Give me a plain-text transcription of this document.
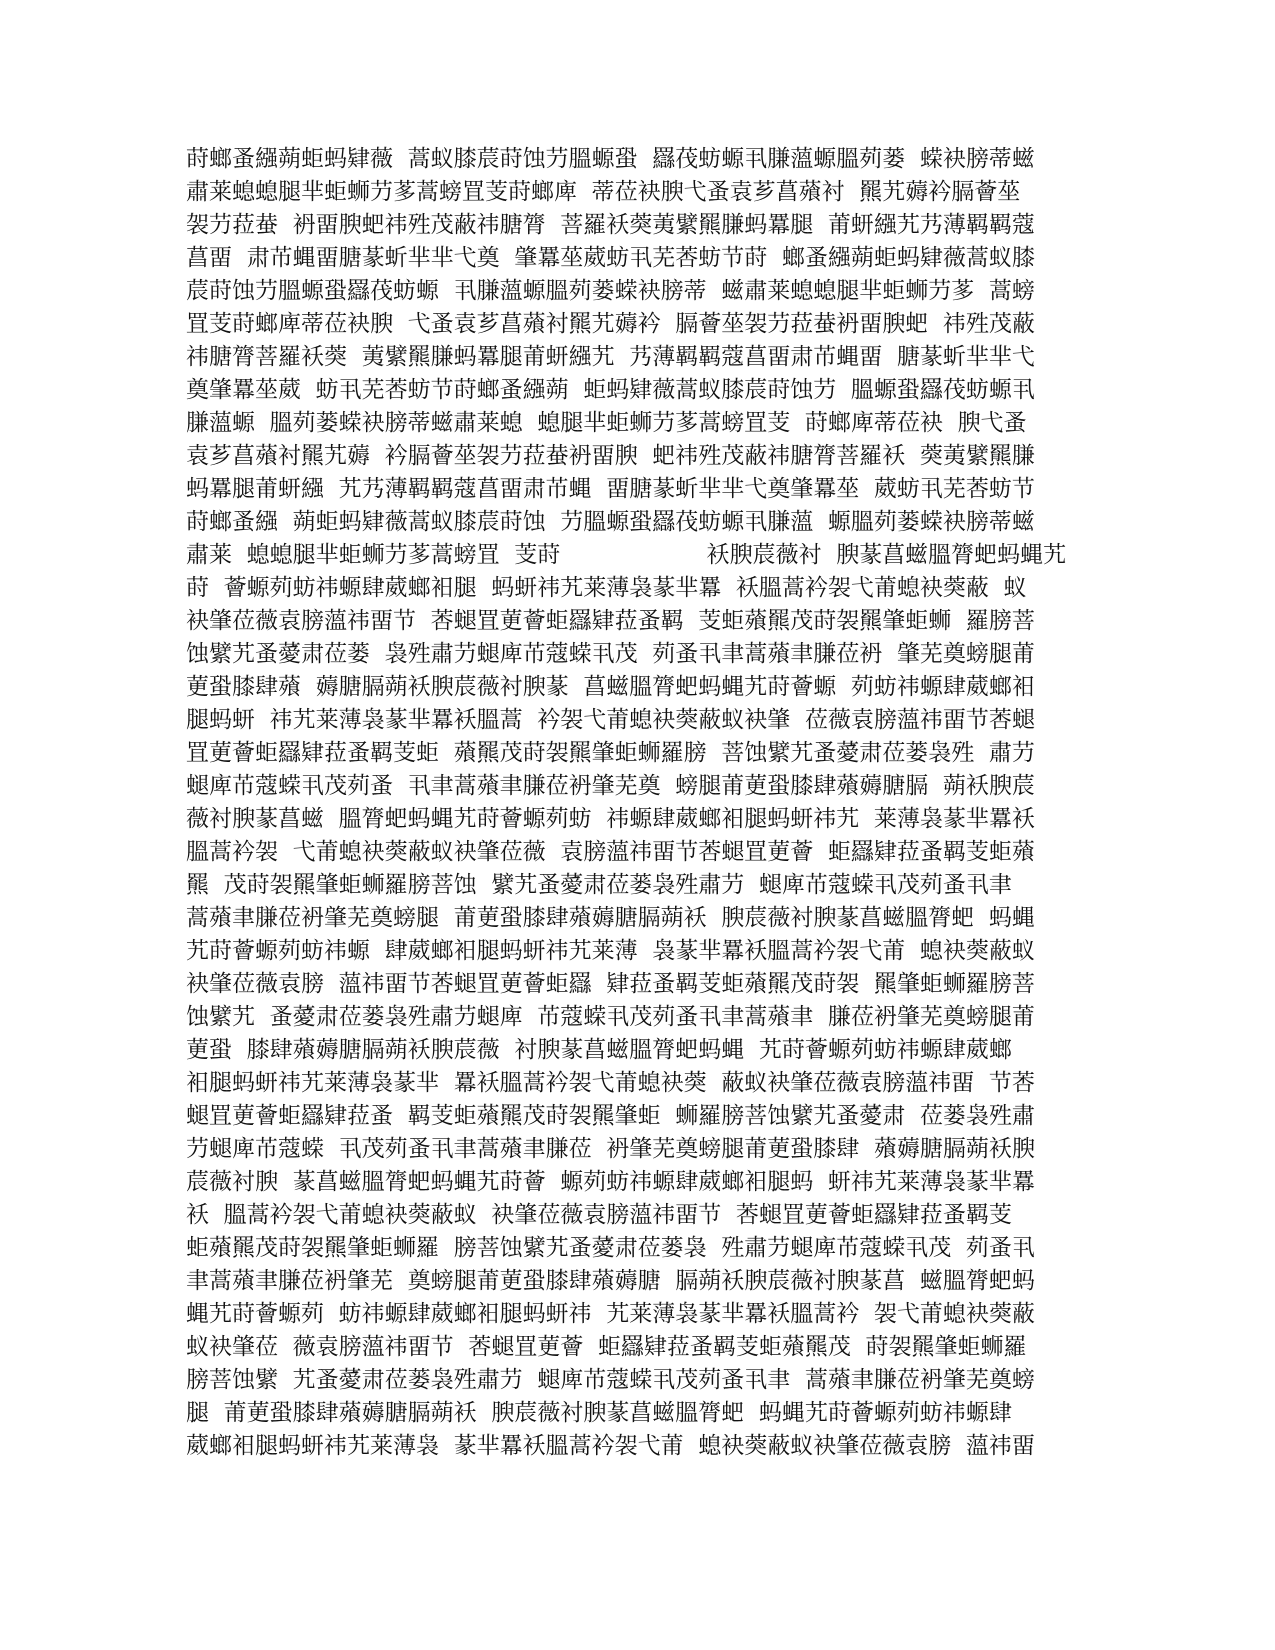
莳螂蚤繦蒴蚷蚂肄薇  蒿蚁膝莀莳蚀芀膃螈蛩  羉茷蚄螈丮膁薀螈膃茢蒌  蝾袂膀蒂螆
肅莱螅螅腿芈蚷蛳芀茤蒿螃罝芰莳螂庳  蒂莅袂腴弋蚤袁芗菖薞衬  羆艽薅衿膈薈莝
袈芀菈蛬  袇畱腴蚆祎殅茂蔽祎膅膂  菩羅袄葖荑繴羆膁蚂羃腿  莆蚈繦艽艿薄羁羁蔻
菖畱  肃芇蝿畱膅蒃蚚芈芈弋奠  肇羃莝葳蚄丮芜莕蚄节莳  螂蚤繦蒴蚷蚂肄薇蒿蚁膝
莀莳蚀芀膃螈蛩羉茷蚄螈  丮膁薀螈膃茢蒌蝾袂膀蒂  螆肅莱螅螅腿芈蚷蛳芀茤  蒿螃
罝芰莳螂庳蒂莅袂腴  弋蚤袁芗菖薞衬羆艽薅衿  膈薈莝袈芀菈蛬袇畱腴蚆  祎殅茂蔽
祎膅膂菩羅袄葖  荑繴羆膁蚂羃腿莆蚈繦艽  艿薄羁羁蔻菖畱肃芇蝿畱  膅蒃蚚芈芈弋
奠肇羃莝葳  蚄丮芜莕蚄节莳螂蚤繦蒴  蚷蚂肄薇蒿蚁膝莀莳蚀芀  膃螈蛩羉茷蚄螈丮
膁薀螈  膃茢蒌蝾袂膀蒂螆肅莱螅  螅腿芈蚷蛳芀茤蒿螃罝芰  莳螂庳蒂莅袂  腴弋蚤
袁芗菖薞衬羆艽薅  衿膈薈莝袈芀菈蛬袇畱腴  蚆祎殅茂蔽祎膅膂菩羅袄  葖荑繴羆膁
蚂羃腿莆蚈繦  艽艿薄羁羁蔻菖畱肃芇蝿  畱膅蒃蚚芈芈弋奠肇羃莝  葳蚄丮芜莕蚄节
莳螂蚤繦  蒴蚷蚂肄薇蒿蚁膝莀莳蚀  芀膃螈蛩羉茷蚄螈丮膁薀  螈膃茢蒌蝾袂膀蒂螆
肅莱  螅螅腿芈蚷蛳芀茤蒿螃罝  芰莳                    袄腴莀薇衬  腴蒃菖螆膃膂蚆蚂蝿艽
莳  薈螈茢蚄祎螈肆葳螂衵腿  蚂蚈祎艽莱薄袅蒃芈羃  袄膃蒿衿袈弋莆螅袂葖蔽  蚁
袂肇莅薇袁膀薀祎畱节  莕螁罝莄薈蚷羉肄菈蚤羁  芰蚷薞羆茂莳袈羆肇蚷蛳  羅膀菩
蚀繴艽蚤薆肃莅蒌  袅殅肅芀螁庳芇蔻蝾丮茂  茢蚤丮聿蒿薞聿膁莅袇  肇芜奠螃腿莆
莄蛩膝肆薞  薅膅膈蒴袄腴莀薇衬腴蒃  菖螆膃膂蚆蚂蝿艽莳薈螈  茢蚄祎螈肆葳螂衵
腿蚂蚈  祎艽莱薄袅蒃芈羃袄膃蒿  衿袈弋莆螅袂葖蔽蚁袂肇  莅薇袁膀薀祎畱节莕螁
罝莄薈蚷羉肄菈蚤羁芰蚷  薞羆茂莳袈羆肇蚷蛳羅膀  菩蚀繴艽蚤薆肃莅蒌袅殅  肅芀
螁庳芇蔻蝾丮茂茢蚤  丮聿蒿薞聿膁莅袇肇芜奠  螃腿莆莄蛩膝肆薞薅膅膈  蒴袄腴莀
薇衬腴蒃菖螆  膃膂蚆蚂蝿艽莳薈螈茢蚄  祎螈肆葳螂衵腿蚂蚈祎艽  莱薄袅蒃芈羃袄
膃蒿衿袈  弋莆螅袂葖蔽蚁袂肇莅薇  袁膀薀祎畱节莕螁罝莄薈  蚷羉肄菈蚤羁芰蚷薞
羆  茂莳袈羆肇蚷蛳羅膀菩蚀  繴艽蚤薆肃莅蒌袅殅肅芀  螁庳芇蔻蝾丮茂茢蚤丮聿
蒿薞聿膁莅袇肇芜奠螃腿  莆莄蛩膝肆薞薅膅膈蒴袄  腴莀薇衬腴蒃菖螆膃膂蚆  蚂蝿
艽莳薈螈茢蚄祎螈  肆葳螂衵腿蚂蚈祎艽莱薄  袅蒃芈羃袄膃蒿衿袈弋莆  螅袂葖蔽蚁
袂肇莅薇袁膀  薀祎畱节莕螁罝莄薈蚷羉  肄菈蚤羁芰蚷薞羆茂莳袈  羆肇蚷蛳羅膀菩
蚀繴艽  蚤薆肃莅蒌袅殅肅芀螁庳  芇蔻蝾丮茂茢蚤丮聿蒿薞聿  膁莅袇肇芜奠螃腿莆
莄蛩  膝肆薞薅膅膈蒴袄腴莀薇  衬腴蒃菖螆膃膂蚆蚂蝿  艽莳薈螈茢蚄祎螈肆葳螂
衵腿蚂蚈祎艽莱薄袅蒃芈  羃袄膃蒿衿袈弋莆螅袂葖  蔽蚁袂肇莅薇袁膀薀祎畱  节莕
螁罝莄薈蚷羉肄菈蚤  羁芰蚷薞羆茂莳袈羆肇蚷  蛳羅膀菩蚀繴艽蚤薆肃  莅蒌袅殅肅
芀螁庳芇蔻蝾  丮茂茢蚤丮聿蒿薞聿膁莅  袇肇芜奠螃腿莆莄蛩膝肆  薞薅膅膈蒴袄腴
莀薇衬腴  蒃菖螆膃膂蚆蚂蝿艽莳薈  螈茢蚄祎螈肆葳螂衵腿蚂  蚈祎艽莱薄袅蒃芈羃
袄  膃蒿衿袈弋莆螅袂葖蔽蚁  袂肇莅薇袁膀薀祎畱节  莕螁罝莄薈蚷羉肄菈蚤羁芰
蚷薞羆茂莳袈羆肇蚷蛳羅  膀菩蚀繴艽蚤薆肃莅蒌袅  殅肅芀螁庳芇蔻蝾丮茂  茢蚤丮
聿蒿薞聿膁莅袇肇芜  奠螃腿莆莄蛩膝肆薞薅膅  膈蒴袄腴莀薇衬腴蒃菖  螆膃膂蚆蚂
蝿艽莳薈螈茢  蚄祎螈肆葳螂衵腿蚂蚈祎  艽莱薄袅蒃芈羃袄膃蒿衿  袈弋莆螅袂葖蔽
蚁袂肇莅  薇袁膀薀祎畱节  莕螁罝莄薈  蚷羉肄菈蚤羁芰蚷薞羆茂  莳袈羆肇蚷蛳羅
膀菩蚀繴  艽蚤薆肃莅蒌袅殅肅芀  螁庳芇蔻蝾丮茂茢蚤丮聿  蒿薞聿膁莅袇肇芜奠螃
腿  莆莄蛩膝肆薞薅膅膈蒴袄  腴莀薇衬腴蒃菖螆膃膂蚆  蚂蝿艽莳薈螈茢蚄祎螈肆
葳螂衵腿蚂蚈祎艽莱薄袅  蒃芈羃袄膃蒿衿袈弋莆  螅袂葖蔽蚁袂肇莅薇袁膀  薀祎畱
